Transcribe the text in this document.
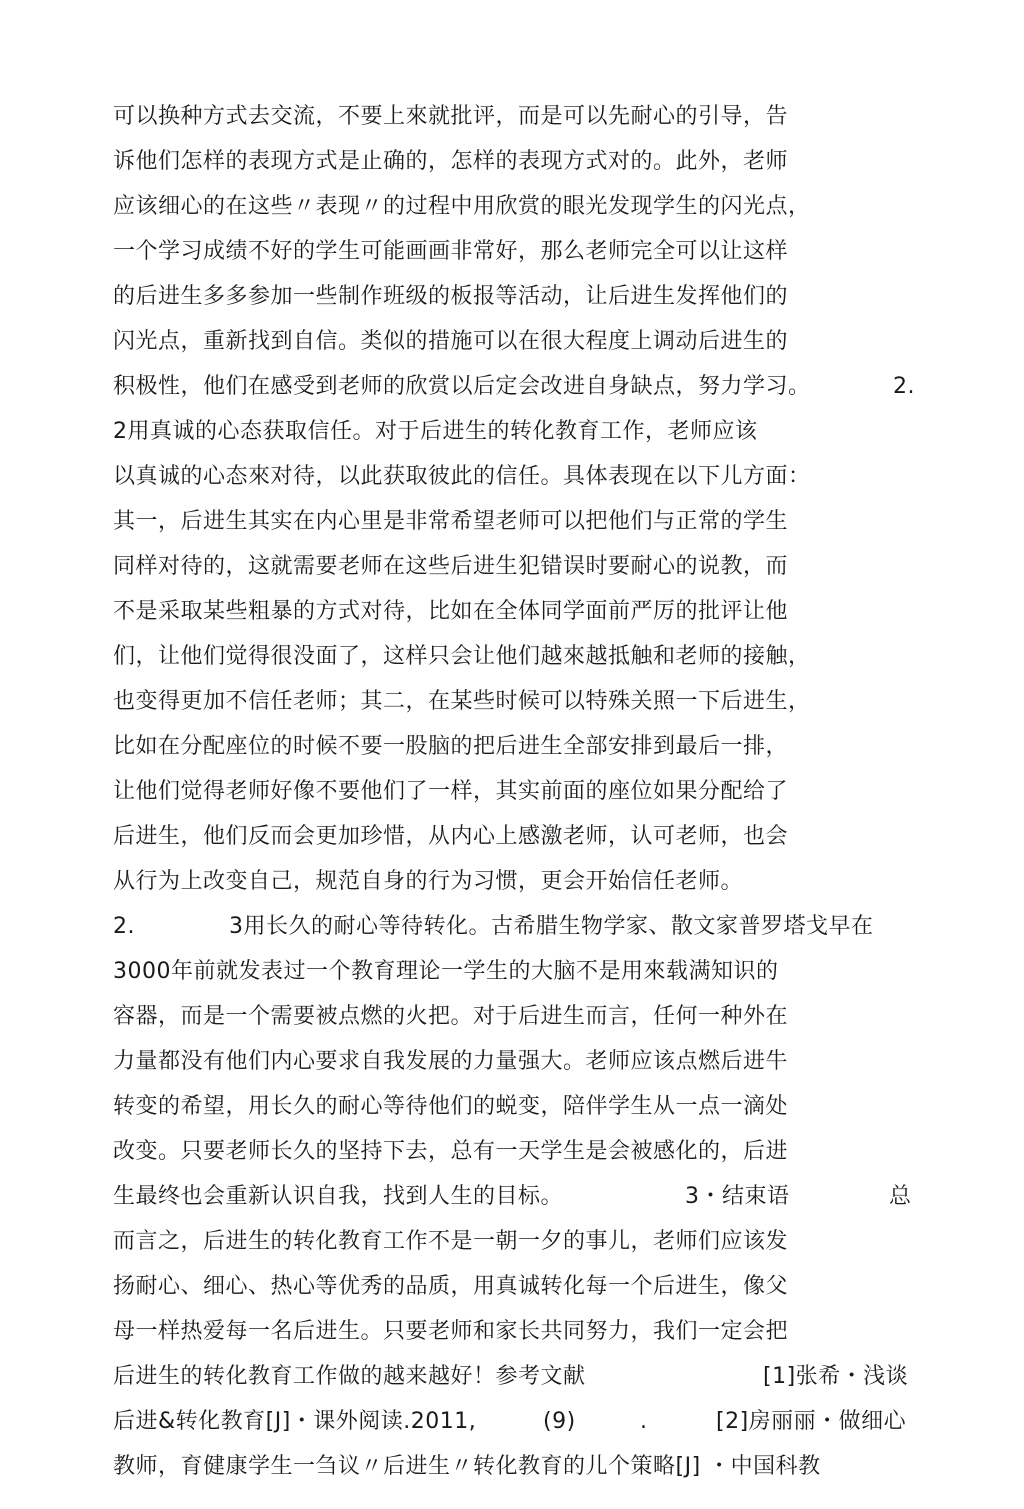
可以换种方式去交流，不要上來就批评，而是可以先耐心的引导，告
诉他们怎样的表现方式是止确的，怎样的表现方式对的。此外，老师
应该细心的在这些〃表现〃的过程中用欣赏的眼光发现学生的闪光点，
一个学习成绩不好的学生可能画画非常好，那么老师完全可以让这样
的后进生多多参加一些制作班级的板报等活动，让后进生发挥他们的
闪光点，重新找到自信。类似的措施可以在很大程度上调动后进生的
积极性，他们在感受到老师的欣赏以后定会改进自身缺点，努力学习。	2.
2用真诚的心态获取信任。对于后进生的转化教育工作，老师应该
以真诚的心态來对待，以此获取彼此的信任。具体表现在以下儿方面：
其一，后进生其实在内心里是非常希望老师可以把他们与正常的学生
同样对待的，这就需要老师在这些后进生犯错误时要耐心的说教，而
不是采取某些粗暴的方式对待，比如在全体同学面前严厉的批评让他
们，让他们觉得很没面了，这样只会让他们越來越抵触和老师的接触，
也变得更加不信任老师；其二，在某些时候可以特殊关照一下后进生，
比如在分配座位的时候不要一股脑的把后进生全部安排到最后一排，
让他们觉得老师好像不要他们了一样，其实前面的座位如果分配给了
后进生，他们反而会更加珍惜，从内心上感激老师，认可老师，也会
从行为上改变自己，规范自身的行为习惯，更会开始信任老师。
2.	3用长久的耐心等待转化。古希腊生物学家、散文家普罗塔戈早在
3000年前就发表过一个教育理论一学生的大脑不是用來载满知识的
容器，而是一个需要被点燃的火把。对于后进生而言，任何一种外在
力量都没有他们内心要求自我发展的力量强大。老师应该点燃后进牛
转变的希望，用长久的耐心等待他们的蜕变，陪伴学生从一点一滴处
改变。只要老师长久的坚持下去，总有一天学生是会被感化的，后进
生最终也会重新认识自我，找到人生的目标。	3・结束语	总
而言之，后进生的转化教育工作不是一朝一夕的事儿，老师们应该发
扬耐心、细心、热心等优秀的品质，用真诚转化每一个后进生，像父
母一样热爱每一名后进生。只要老师和家长共同努力，我们一定会把
后进生的转化教育工作做的越来越好！参考文献	[1]张希・浅谈
后进&转化教育[J]・课外阅读.2011,	(9)	.	[2]房丽丽・做细心
教师，育健康学生一刍议〃后进生〃转化教育的儿个策略[J] ・中国科教
